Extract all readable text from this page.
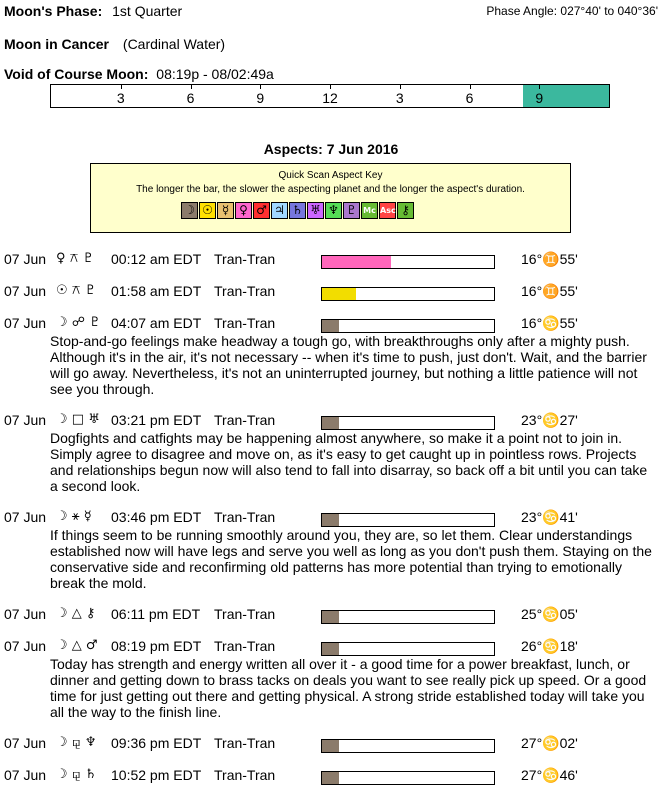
Moon's Phase: 1st Quarter	Phase Angle: 027°40' to 040°36'
Moon in Cancer (Cardinal Water)
Void of Course Moon: 08:19p - 08/02:49a
3	6	9	12	3	6	9
Aspects: 7 Jun 2016
Quick Scan Aspect Key
The longer the bar, the slower the aspecting planet and the longer the aspect's duration.
☽ ☉ ☿ ♀ ♂ ♃ ♄ ♅ ♆ ♇ Mc Asc ⚷
07 Jun ♀ ⚻ ♇ 00:12 am EDT Tran-Tran	16°♊55'
07 Jun ☉ ⚻ ♇ 01:58 am EDT Tran-Tran	16°♊55'
07 Jun ☽ ☍ ♇ 04:07 am EDT Tran-Tran	16°♋55'
Stop-and-go feelings make headway a tough go, with breakthroughs only after a mighty push. Although it's in the air, it's not necessary -- when it's time to push, just don't. Wait, and the barrier will go away. Nevertheless, it's not an uninterrupted journey, but nothing a little patience will not see you through.
07 Jun ☽ □ ♅ 03:21 pm EDT Tran-Tran	23°♋27'
Dogfights and catfights may be happening almost anywhere, so make it a point not to join in. Simply agree to disagree and move on, as it's easy to get caught up in pointless rows. Projects and relationships begun now will also tend to fall into disarray, so back off a bit until you can take a second look.
07 Jun ☽ ⚹ ☿ 03:46 pm EDT Tran-Tran	23°♋41'
If things seem to be running smoothly around you, they are, so let them. Clear understandings established now will have legs and serve you well as long as you don't push them. Staying on the conservative side and reconfirming old patterns has more potential than trying to emotionally break the mold.
07 Jun ☽ △ ⚷ 06:11 pm EDT Tran-Tran	25°♋05'
07 Jun ☽ △ ♂ 08:19 pm EDT Tran-Tran	26°♋18'
Today has strength and energy written all over it - a good time for a power breakfast, lunch, or dinner and getting down to brass tacks on deals you want to see really pick up speed. Or a good time for just getting out there and getting physical. A strong stride established today will take you all the way to the finish line.
07 Jun ☽ ⚼ ♆ 09:36 pm EDT Tran-Tran	27°♋02'
07 Jun ☽ ⚼ ♄ 10:52 pm EDT Tran-Tran	27°♋46'
